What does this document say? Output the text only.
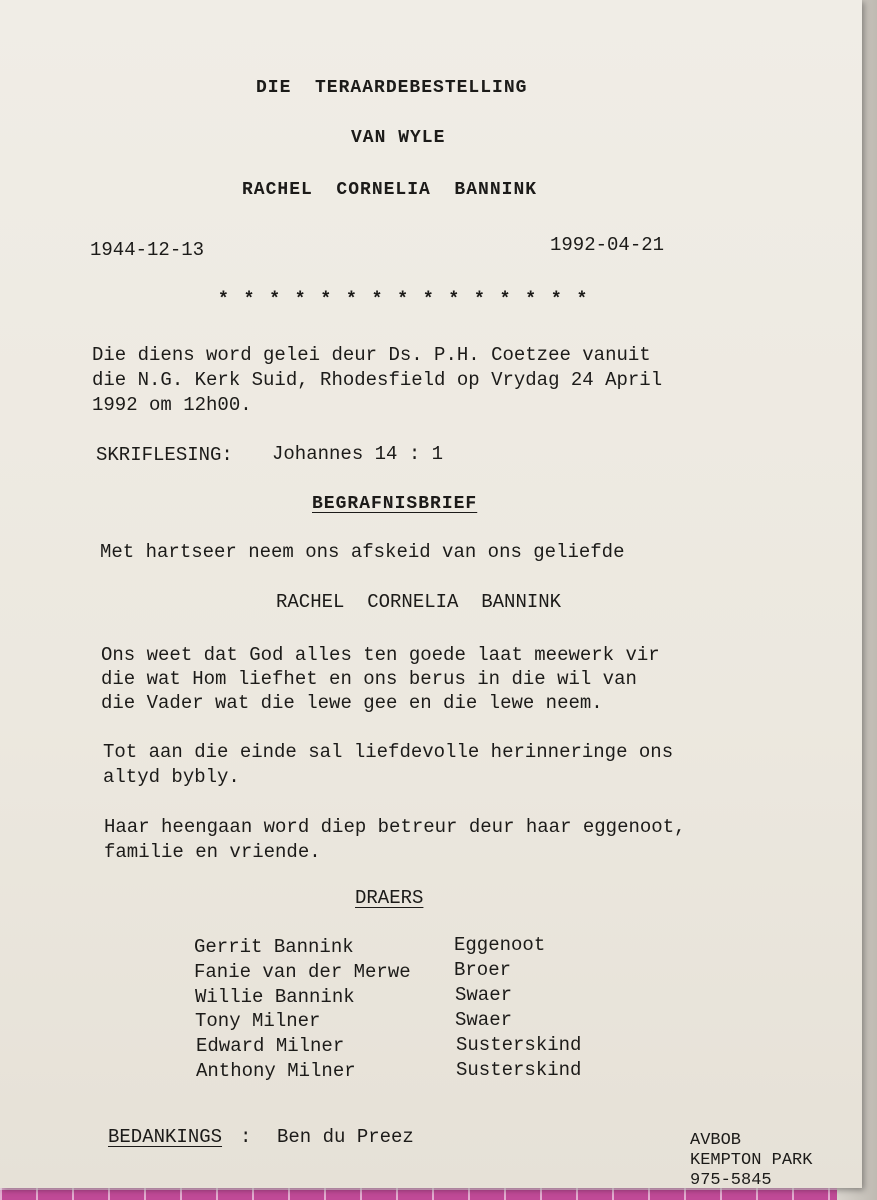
DIE  TERAARDEBESTELLING
VAN WYLE
RACHEL  CORNELIA  BANNINK
1944-12-13	1992-04-21
* * * * * * * * * * * * * * *
Die diens word gelei deur Ds. P.H. Coetzee vanuit
die N.G. Kerk Suid, Rhodesfield op Vrydag 24 April
1992 om 12h00.
SKRIFLESING: Johannes 14 : 1
BEGRAFNISBRIEF
Met hartseer neem ons afskeid van ons geliefde
RACHEL  CORNELIA  BANNINK
Ons weet dat God alles ten goede laat meewerk vir
die wat Hom liefhet en ons berus in die wil van
die Vader wat die lewe gee en die lewe neem.
Tot aan die einde sal liefdevolle herinneringe ons
altyd bybly.
Haar heengaan word diep betreur deur haar eggenoot,
familie en vriende.
DRAERS
Gerrit Bannink	Eggenoot
Fanie van der Merwe Broer
Willie Bannink	Swaer
Tony Milner	Swaer
Edward Milner	Susterskind
Anthony Milner	Susterskind
BEDANKINGS : Ben du Preez	AVBOB
KEMPTON PARK
975-5845
